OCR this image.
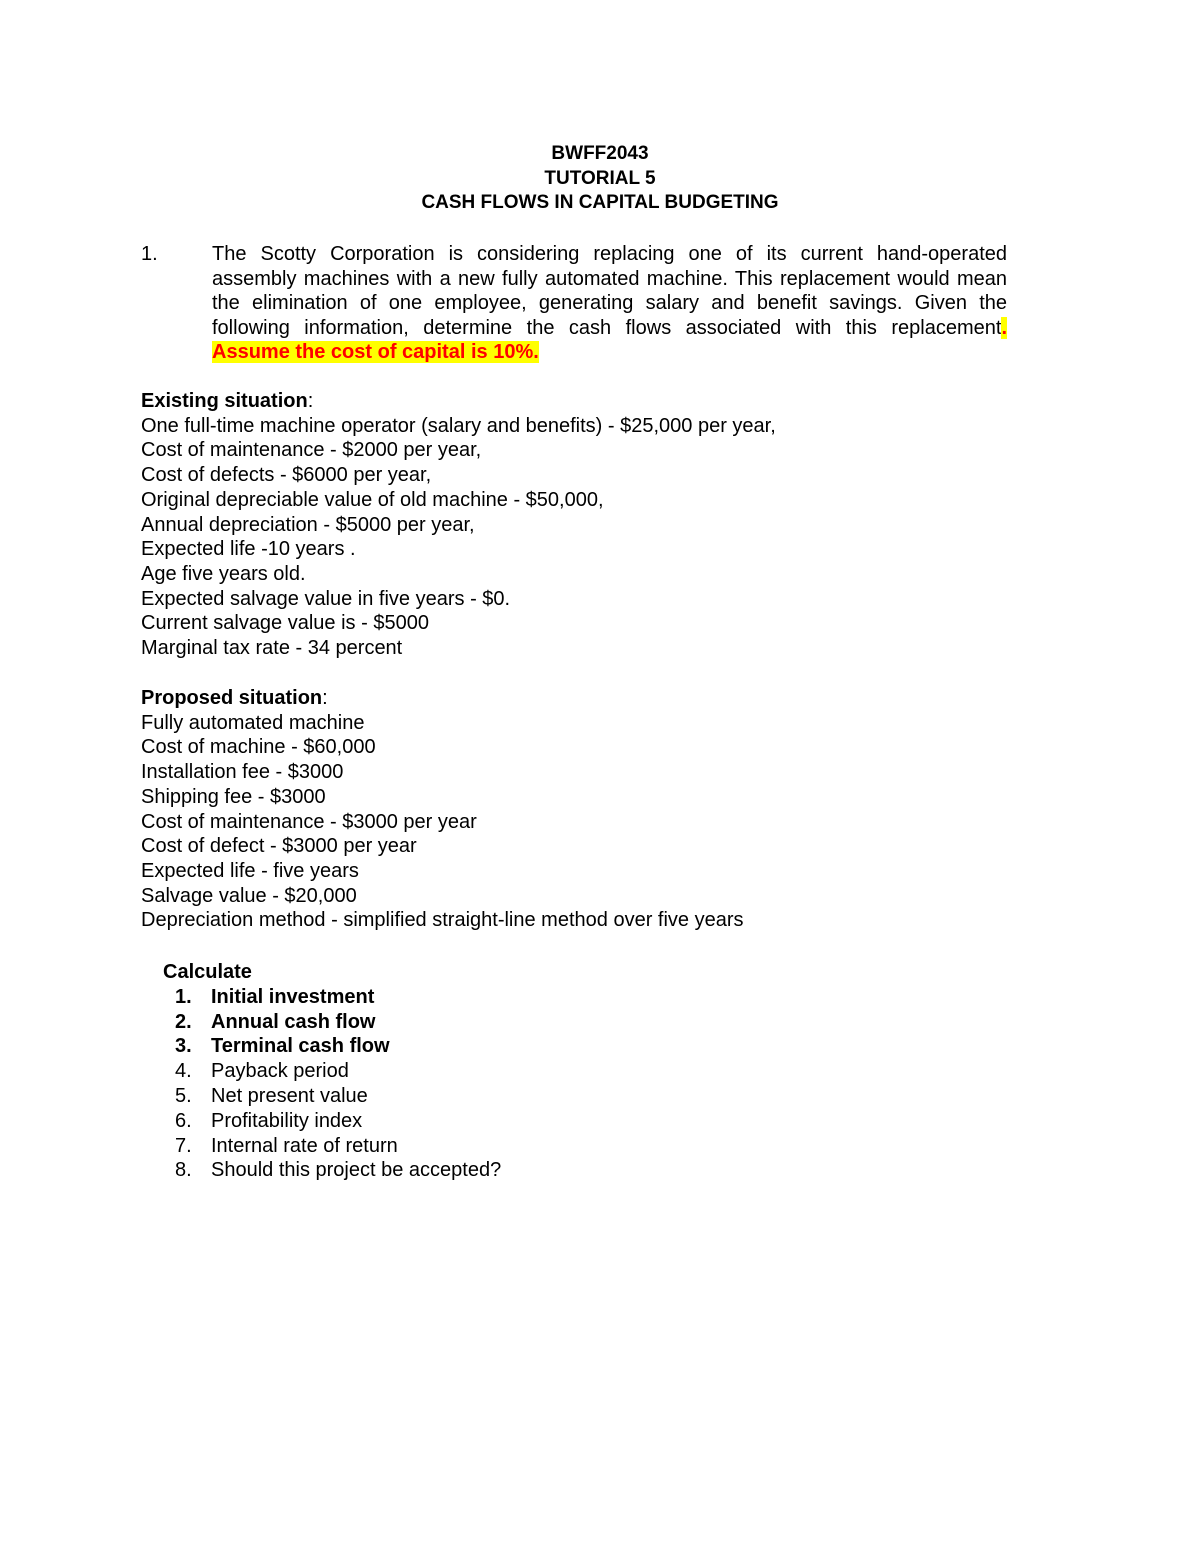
BWFF2043
TUTORIAL 5
CASH FLOWS IN CAPITAL BUDGETING
1.	The Scotty Corporation is considering replacing one of its current hand-operated assembly machines with a new fully automated machine. This replacement would mean the elimination of one employee, generating salary and benefit savings. Given the following information, determine the cash flows associated with this replacement. Assume the cost of capital is 10%.
Existing situation:
One full-time machine operator (salary and benefits) - $25,000 per year,
Cost of maintenance - $2000 per year,
Cost of defects - $6000 per year,
Original depreciable value of old machine - $50,000,
Annual depreciation - $5000 per year,
Expected life -10 years .
Age five years old.
Expected salvage value in five years - $0.
Current salvage value is - $5000
Marginal tax rate - 34 percent
Proposed situation:
Fully automated machine
Cost of machine - $60,000
Installation fee - $3000
Shipping fee - $3000
Cost of maintenance - $3000 per year
Cost of defect - $3000 per year
Expected life - five years
Salvage value - $20,000
Depreciation method - simplified straight-line method over five years
Calculate
1. Initial investment
2. Annual cash flow
3. Terminal cash flow
4. Payback period
5. Net present value
6. Profitability index
7. Internal rate of return
8. Should this project be accepted?
